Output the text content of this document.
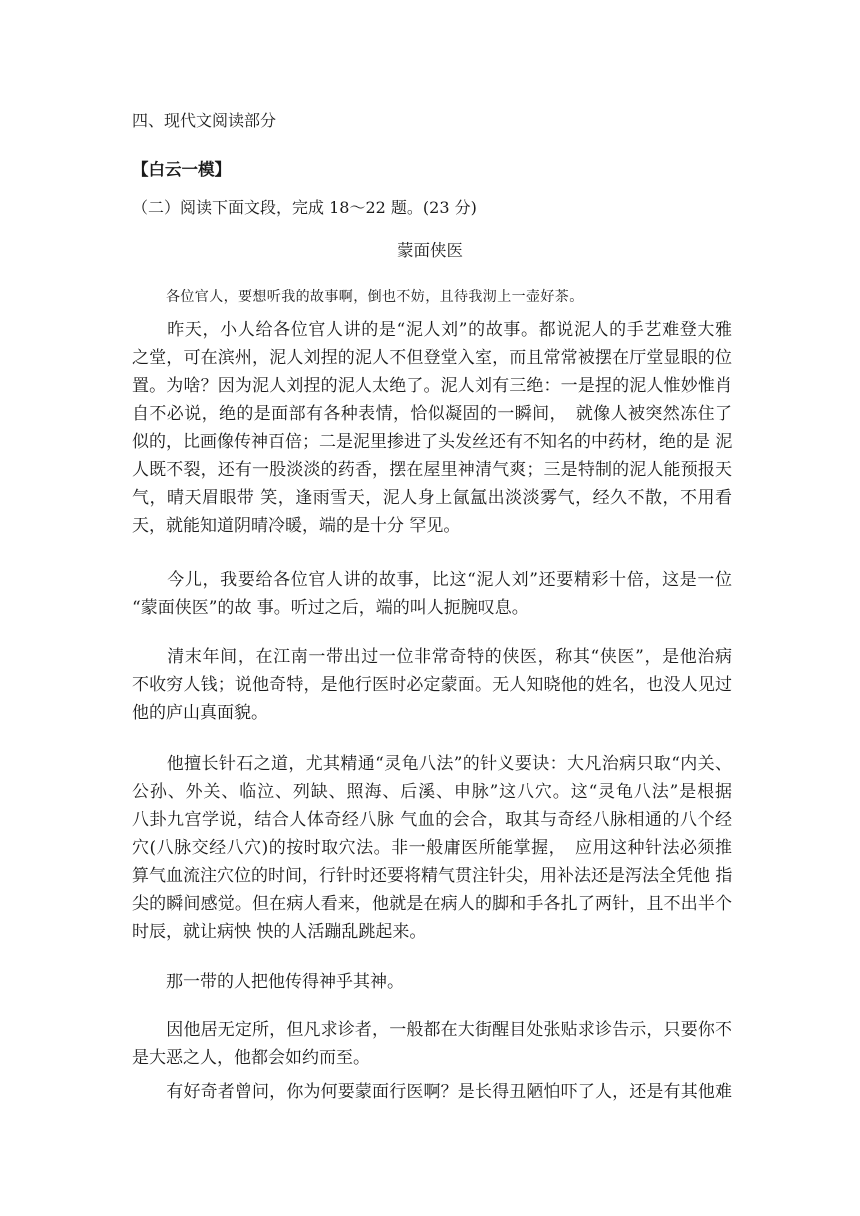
四、现代文阅读部分
【白云一模】
（二）阅读下面文段，完成 18～22 题。(23 分)
蒙面侠医
各位官人，要想听我的故事啊，倒也不妨，且待我沏上一壶好茶。
　　昨天，小人给各位官人讲的是“泥人刘”的故事。都说泥人的手艺难登大雅
之堂，可在滨州，泥人刘捏的泥人不但登堂入室，而且常常被摆在厅堂显眼的位
置。为啥？因为泥人刘捏的泥人太绝了。泥人刘有三绝：一是捏的泥人惟妙惟肖
自不必说，绝的是面部有各种表情，恰似凝固的一瞬间，　就像人被突然冻住了
似的，比画像传神百倍；二是泥里掺进了头发丝还有不知名的中药材，绝的是 泥
人既不裂，还有一股淡淡的药香，摆在屋里神清气爽；三是特制的泥人能预报天
气，晴天眉眼带 笑，逢雨雪天，泥人身上氤氲出淡淡雾气，经久不散，不用看
天，就能知道阴晴冷暖，端的是十分 罕见。
　　今儿，我要给各位官人讲的故事，比这“泥人刘”还要精彩十倍，这是一位
“蒙面侠医”的故 事。听过之后，端的叫人扼腕叹息。
　　清末年间，在江南一带出过一位非常奇特的侠医，称其“侠医”，是他治病
不收穷人钱；说他奇特，是他行医时必定蒙面。无人知晓他的姓名，也没人见过
他的庐山真面貌。
　　他擅长针石之道，尤其精通“灵龟八法”的针义要诀：大凡治病只取“内关、
公孙、外关、临泣、列缺、照海、后溪、申脉”这八穴。这“灵龟八法”是根据
八卦九宫学说，结合人体奇经八脉 气血的会合，取其与奇经八脉相通的八个经
穴(八脉交经八穴)的按时取穴法。非一般庸医所能掌握，　应用这种针法必须推
算气血流注穴位的时间，行针时还要将精气贯注针尖，用补法还是泻法全凭他 指
尖的瞬间感觉。但在病人看来，他就是在病人的脚和手各扎了两针，且不出半个
时辰，就让病怏 怏的人活蹦乱跳起来。
　　那一带的人把他传得神乎其神。
　　因他居无定所，但凡求诊者，一般都在大街醒目处张贴求诊告示，只要你不
是大恶之人，他都会如约而至。
　　有好奇者曾问，你为何要蒙面行医啊？是长得丑陋怕吓了人，还是有其他难
